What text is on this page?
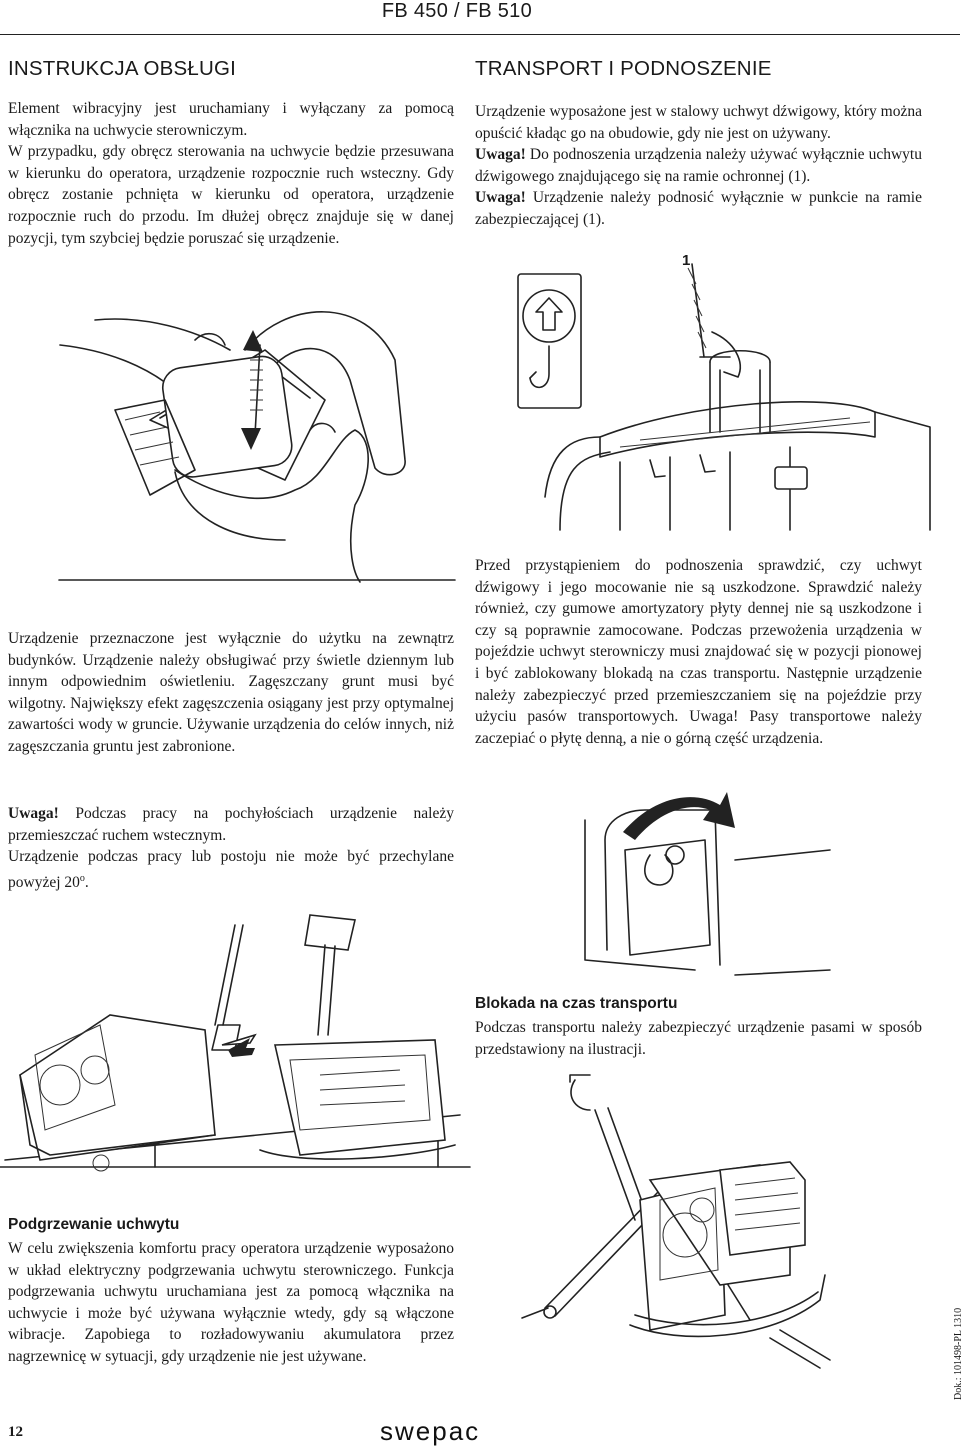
FB 450 / FB 510
INSTRUKCJA OBSŁUGI

Element wibracyjny jest uruchamiany i wyłączany za pomocą włącznika na uchwycie sterowniczym.

W przypadku, gdy obręcz sterowania na uchwycie będzie przesuwana w kierunku do operatora, urządzenie rozpocznie ruch wsteczny. Gdy obręcz zostanie pchnięta w kierunku od operatora, urządzenie rozpocznie ruch do przodu. Im dłużej obręcz znajduje się w danej pozycji, tym szybciej będzie poruszać się urządzenie.

Urządzenie przeznaczone jest wyłącznie do użytku na zewnątrz budynków. Urządzenie należy obsługiwać przy świetle dziennym lub innym odpowiednim oświetleniu. Zagęszczany grunt musi być wilgotny. Największy efekt zagęszczenia osiągany jest przy optymalnej zawartości wody w gruncie. Używanie urządzenia do celów innych, niż zagęszczania gruntu jest zabronione.

Uwaga! Podczas pracy na pochyłościach urządzenie należy przemieszczać ruchem wstecznym.

Urządzenie podczas pracy lub postoju nie może być przechylane powyżej 20$^o$.

Podgrzewanie uchwytu

W celu zwiększenia komfortu pracy operatora urządzenie wyposażono w układ elektryczny podgrzewania uchwytu sterowniczego. Funkcja podgrzewania uchwytu uruchamiana jest za pomocą włącznika na uchwycie i może być używana wyłącznie wtedy, gdy są włączone wibracje. Zapobiega to rozładowywaniu akumulatora przez nagrzewnicę w sytuacji, gdy urządzenie nie jest używane.

TRANSPORT I PODNOSZENIE

Urządzenie wyposażone jest w stalowy uchwyt dźwigowy, który można opuścić kładąc go na obudowie, gdy nie jest on używany.

Uwaga! Do podnoszenia urządzenia należy używać wyłącznie uchwytu dźwigowego znajdującego się na ramie ochronnej (1).

Uwaga! Urządzenie należy podnosić wyłącznie w punkcie na ramie zabezpieczającej (1).

1

Przed przystąpieniem do podnoszenia sprawdzić, czy uchwyt dźwigowy i jego mocowanie nie są uszkodzone. Sprawdzić należy również, czy gumowe amortyzatory płyty dennej nie są uszkodzone i czy są poprawnie zamocowane. Podczas przewożenia urządzenia w pojeździe uchwyt sterowniczy musi znajdować się w pozycji pionowej i być zablokowany blokadą na czas transportu. Następnie urządzenie należy zabezpieczyć przed przemieszczaniem się na pojeździe przy użyciu pasów transportowych. Uwaga! Pasy transportowe należy zaczepiać o płytę denną, a nie o górną część urządzenia.

Blokada na czas transportu

Podczas transportu należy zabezpieczyć urządzenie pasami w sposób przedstawiony na ilustracji.

12	swepac
Dok.: 101498-PL 1310
